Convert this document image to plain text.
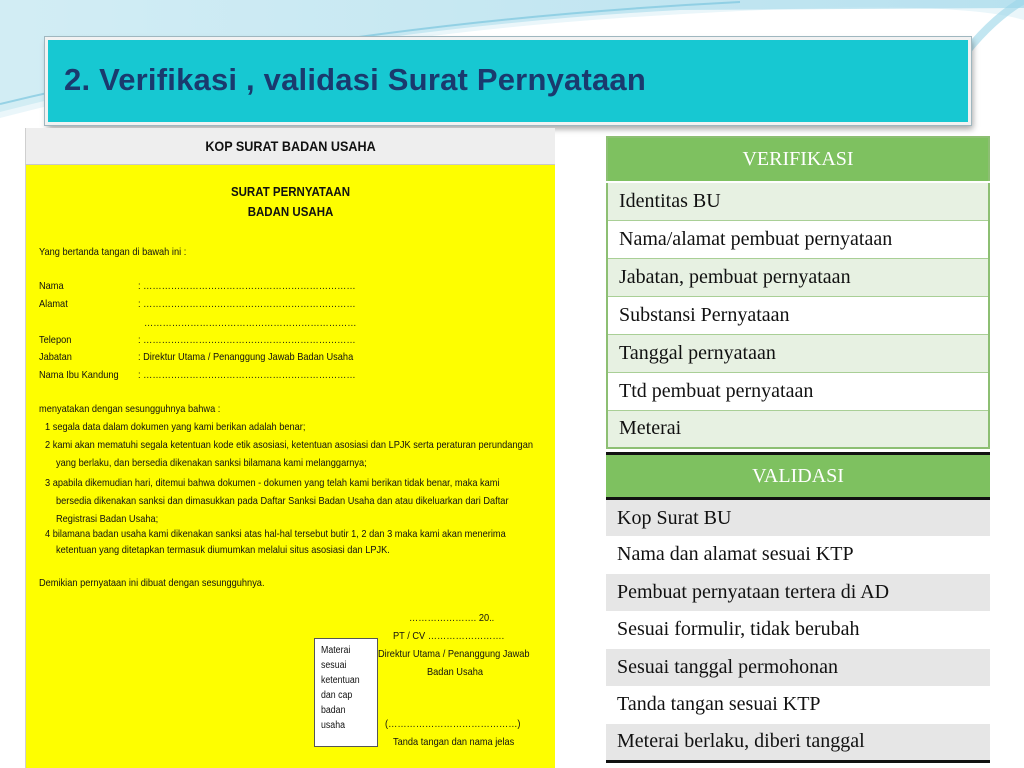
2. Verifikasi , validasi Surat Pernyataan
KOP SURAT BADAN USAHA
SURAT PERNYATAAN
BADAN USAHA
Yang bertanda tangan di bawah ini :
Nama	: ……………………………………………………………
Alamat	: ……………………………………………………………
……………………………………………………………
Telepon	: ……………………………………………………………
Jabatan	: Direktur Utama / Penanggung Jawab Badan Usaha
Nama Ibu Kandung : ……………………………………………………………
menyatakan dengan sesungguhnya bahwa :
1 segala data dalam dokumen yang kami berikan adalah benar;
2 kami akan mematuhi segala ketentuan kode etik asosiasi, ketentuan asosiasi dan LPJK serta peraturan perundangan
yang berlaku, dan bersedia dikenakan sanksi bilamana kami melanggarnya;
3 apabila dikemudian hari, ditemui bahwa dokumen - dokumen yang telah kami berikan tidak benar, maka kami
bersedia dikenakan sanksi dan dimasukkan pada Daftar Sanksi Badan Usaha dan atau dikeluarkan dari Daftar
Registrasi Badan Usaha;
4 bilamana badan usaha kami dikenakan sanksi atas hal-hal tersebut butir 1, 2 dan 3 maka kami akan menerima
ketentuan yang ditetapkan termasuk diumumkan melalui situs asosiasi dan LPJK.
Demikian pernyataan ini dibuat dengan sesungguhnya.
…………………. 20..
PT / CV …………………….
Direktur Utama / Penanggung Jawab
Badan Usaha
(……………………………………)
Tanda tangan dan nama jelas
Materai
sesuai
ketentuan
dan cap
badan
usaha
VERIFIKASI
Identitas BU
Nama/alamat pembuat pernyataan
Jabatan, pembuat pernyataan
Substansi Pernyataan
Tanggal pernyataan
Ttd pembuat pernyataan
Meterai
VALIDASI
Kop Surat BU
Nama dan alamat sesuai KTP
Pembuat pernyataan tertera di AD
Sesuai formulir, tidak berubah
Sesuai tanggal permohonan
Tanda tangan sesuai KTP
Meterai berlaku, diberi tanggal
